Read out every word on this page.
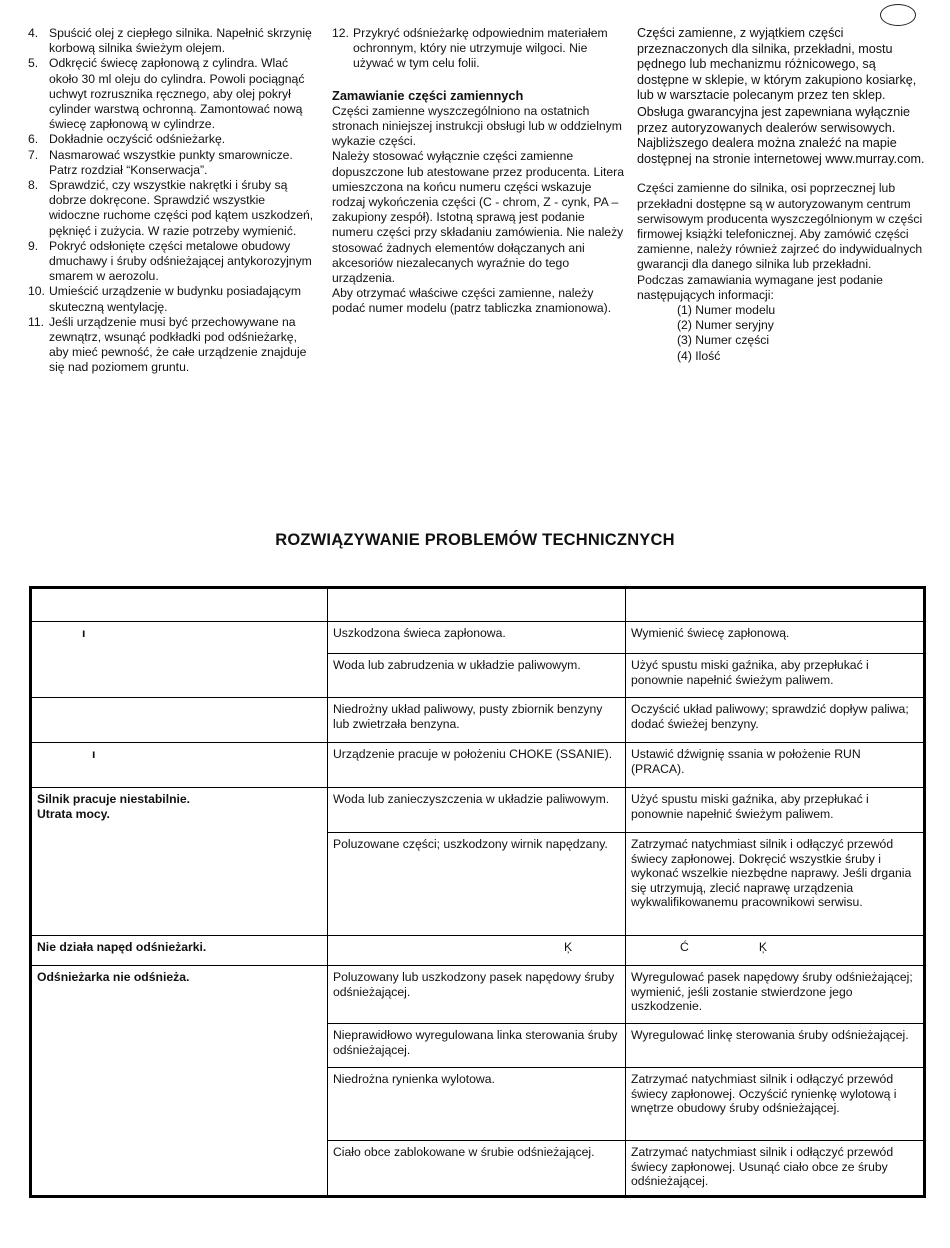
4. Spuścić olej z ciepłego silnika. Napełnić skrzynię korbową silnika świeżym olejem.
5. Odkręcić świecę zapłonową z cylindra. Wlać około 30 ml oleju do cylindra. Powoli pociągnąć uchwyt rozrusznika ręcznego, aby olej pokrył cylinder warstwą ochronną. Zamontować nową świecę zapłonową w cylindrze.
6. Dokładnie oczyścić odśnieżarkę.
7. Nasmarować wszystkie punkty smarownicze. Patrz rozdział “Konserwacja”.
8. Sprawdzić, czy wszystkie nakrętki i śruby są dobrze dokręcone. Sprawdzić wszystkie widoczne ruchome części pod kątem uszkodzeń, pęknięć i zużycia. W razie potrzeby wymienić.
9. Pokryć odsłonięte części metalowe obudowy dmuchawy i śruby odśnieżającej antykorozyjnym smarem w aerozolu.
10. Umieścić urządzenie w budynku posiadającym skuteczną wentylację.
11. Jeśli urządzenie musi być przechowywane na zewnątrz, wsunąć podkładki pod odśnieżarkę, aby mieć pewność, że całe urządzenie znajduje się nad poziomem gruntu.
12. Przykryć odśnieżarkę odpowiednim materiałem ochronnym, który nie utrzymuje wilgoci. Nie używać w tym celu folii.
Zamawianie części zamiennych

Części zamienne wyszczególniono na ostatnich stronach niniejszej instrukcji obsługi lub w oddzielnym wykazie części.

Należy stosować wyłącznie części zamienne dopuszczone lub atestowane przez producenta. Litera umieszczona na końcu numeru części wskazuje rodzaj wykończenia części (C - chrom, Z - cynk, PA – zakupiony zespół). Istotną sprawą jest podanie numeru części przy składaniu zamówienia. Nie należy stosować żadnych elementów dołączanych ani akcesoriów niezalecanych wyraźnie do tego urządzenia.

Aby otrzymać właściwe części zamienne, należy podać numer modelu (patrz tabliczka znamionowa).

Części zamienne, z wyjątkiem części przeznaczonych dla silnika, przekładni, mostu pędnego lub mechanizmu różnicowego, są dostępne w sklepie, w którym zakupiono kosiarkę, lub w warsztacie polecanym przez ten sklep.

Obsługa gwarancyjna jest zapewniana wyłącznie przez autoryzowanych dealerów serwisowych. Najbliższego dealera można znaleźć na mapie dostępnej na stronie internetowej www.murray.com.

Części zamienne do silnika, osi poprzecznej lub przekładni dostępne są w autoryzowanym centrum serwisowym producenta wyszczególnionym w części firmowej książki telefonicznej. Aby zamówić części zamienne, należy również zajrzeć do indywidualnych gwarancji dla danego silnika lub przekładni.

Podczas zamawiania wymagane jest podanie następujących informacji:

(1) Numer modelu
(2) Numer seryjny
(3) Numer części
(4) Ilość
ROZWIĄZYWANIE PROBLEMÓW TECHNICZNYCH

ı	Uszkodzona świeca zapłonowa.	Wymienić świecę zapłonową.
	Woda lub zabrudzenia w układzie paliwowym.	Użyć spustu miski gaźnika, aby przepłukać i ponownie napełnić świeżym paliwem.
	Niedrożny układ paliwowy, pusty zbiornik benzyny lub zwietrzała benzyna.	Oczyścić układ paliwowy; sprawdzić dopływ paliwa; dodać świeżej benzyny.
ı	Urządzenie pracuje w położeniu CHOKE (SSANIE).	Ustawić dźwignię ssania w położenie RUN (PRACA).
Silnik pracuje niestabilnie.
Utrata mocy.	Woda lub zanieczyszczenia w układzie paliwowym.	Użyć spustu miski gaźnika, aby przepłukać i ponownie napełnić świeżym paliwem.
	Poluzowane części; uszkodzony wirnik napędzany.	Zatrzymać natychmiast silnik i odłączyć przewód świecy zapłonowej. Dokręcić wszystkie śruby i wykonać wszelkie niezbędne naprawy. Jeśli drgania się utrzymują, zlecić naprawę urządzenia wykwalifikowanemu pracownikowi serwisu.
Nie działa napęd odśnieżarki.	Ķ	Ć Ķ
Odśnieżarka nie odśnieża.	Poluzowany lub uszkodzony pasek napędowy śruby odśnieżającej.	Wyregulować pasek napędowy śruby odśnieżającej; wymienić, jeśli zostanie stwierdzone jego uszkodzenie.
	Nieprawidłowo wyregulowana linka sterowania śruby odśnieżającej.	Wyregulować linkę sterowania śruby odśnieżającej.
	Niedrożna rynienka wylotowa.	Zatrzymać natychmiast silnik i odłączyć przewód świecy zapłonowej. Oczyścić rynienkę wylotową i wnętrze obudowy śruby odśnieżającej.
	Ciało obce zablokowane w śrubie odśnieżającej.	Zatrzymać natychmiast silnik i odłączyć przewód świecy zapłonowej. Usunąć ciało obce ze śruby odśnieżającej.
